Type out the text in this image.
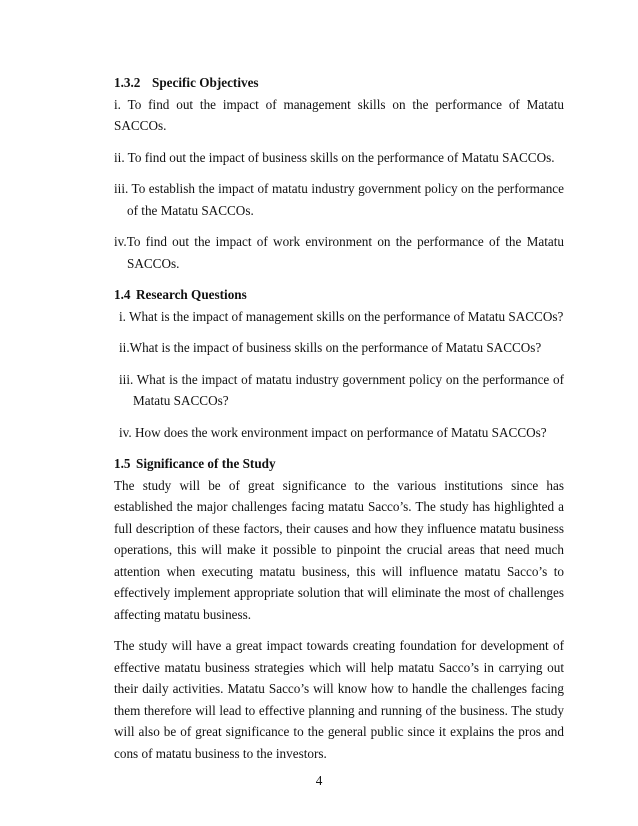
1.3.2 Specific Objectives

i. To find out the impact of management skills on the performance of Matatu SACCOs.

ii. To find out the impact of business skills on the performance of Matatu SACCOs.

iii. To establish the impact of matatu industry government policy on the performance of the Matatu SACCOs.

iv.To find out the impact of work environment on the performance of the Matatu SACCOs.

1.4 Research Questions

i. What is the impact of management skills on the performance of Matatu SACCOs?

ii.What is the impact of business skills on the performance of Matatu SACCOs?

iii. What is the impact of matatu industry government policy on the performance of Matatu SACCOs?

iv. How does the work environment impact on performance of Matatu SACCOs?

1.5 Significance of the Study

The study will be of great significance to the various institutions since has established the major challenges facing matatu Sacco’s. The study has highlighted a full description of these factors, their causes and how they influence matatu business operations, this will make it possible to pinpoint the crucial areas that need much attention when executing matatu business, this will influence matatu Sacco’s to effectively implement appropriate solution that will eliminate the most of challenges affecting matatu business.

The study will have a great impact towards creating foundation for development of effective matatu business strategies which will help matatu Sacco’s in carrying out their daily activities. Matatu Sacco’s will know how to handle the challenges facing them therefore will lead to effective planning and running of the business. The study will also be of great significance to the general public since it explains the pros and cons of matatu business to the investors.

4
